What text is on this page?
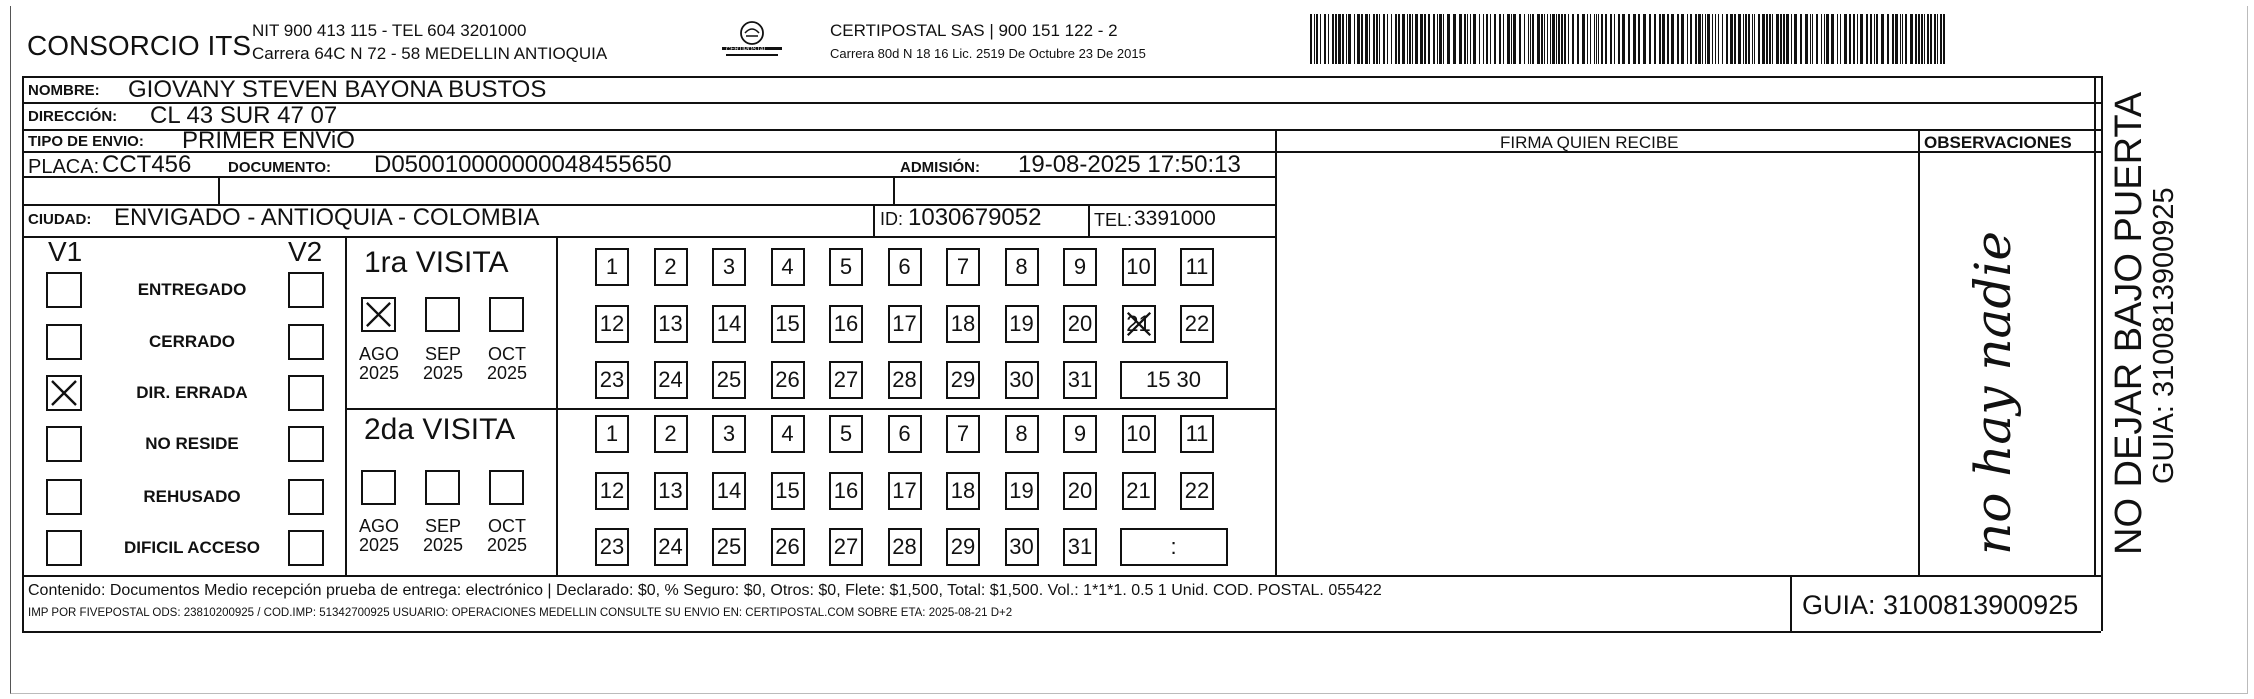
CONSORCIO ITS NIT 900 413 115 - TEL 604 3201000
Carrera 64C N 72 - 58 MEDELLIN ANTIOQUIA	CERTIPOSTAL
CERTIPOSTAL SAS | 900 151 122 - 2
Carrera 80d N 18 16 Lic. 2519 De Octubre 23 De 2015
NOMBRE: GIOVANY STEVEN BAYONA BUSTOS
DIRECCIÓN: CL 43 SUR 47 07
TIPO DE ENVIO: PRIMER ENViO	FIRMA QUIEN RECIBE	OBSERVACIONES
PLACA: CCT456 DOCUMENTO: D050010000000048455650	ADMISIÓN: 19-08-2025 17:50:13
CIUDAD: ENVIGADO - ANTIOQUIA - COLOMBIA	ID: 1030679052	TEL: 3391000
V1	V2 1ra VISITA
2da VISITA	no hay nadie NO DEJAR BAJO PUERTA
GUIA: 3100813900925
Contenido: Documentos Medio recepción prueba de entrega: electrónico | Declarado: $0, % Seguro: $0, Otros: $0, Flete: $1,500, Total: $1,500. Vol.: 1*1*1. 0.5 1 Unid. COD. POSTAL. 055422
IMP POR FIVEPOSTAL ODS: 23810200925 / COD.IMP: 51342700925 USUARIO: OPERACIONES MEDELLIN CONSULTE SU ENVIO EN: CERTIPOSTAL.COM SOBRE ETA: 2025-08-21 D+2	GUIA: 3100813900925
ENTREGADO
CERRADO
DIR. ERRADA
NO RESIDE
REHUSADO
DIFICIL ACCESO
AGO
2025
SEP
2025
OCT
2025
AGO
2025
SEP
2025
OCT
2025
1	2	3	4	5	6	7	8	9	10 11
12 13 14 15 16 17 18 19 20 21 22
23 24 25 26 27 28 29 30 31	15 30
1	2	3	4	5	6	7	8	9	10 11
12 13 14 15 16 17 18 19 20 21 22
23 24 25 26 27 28 29 30 31	:
